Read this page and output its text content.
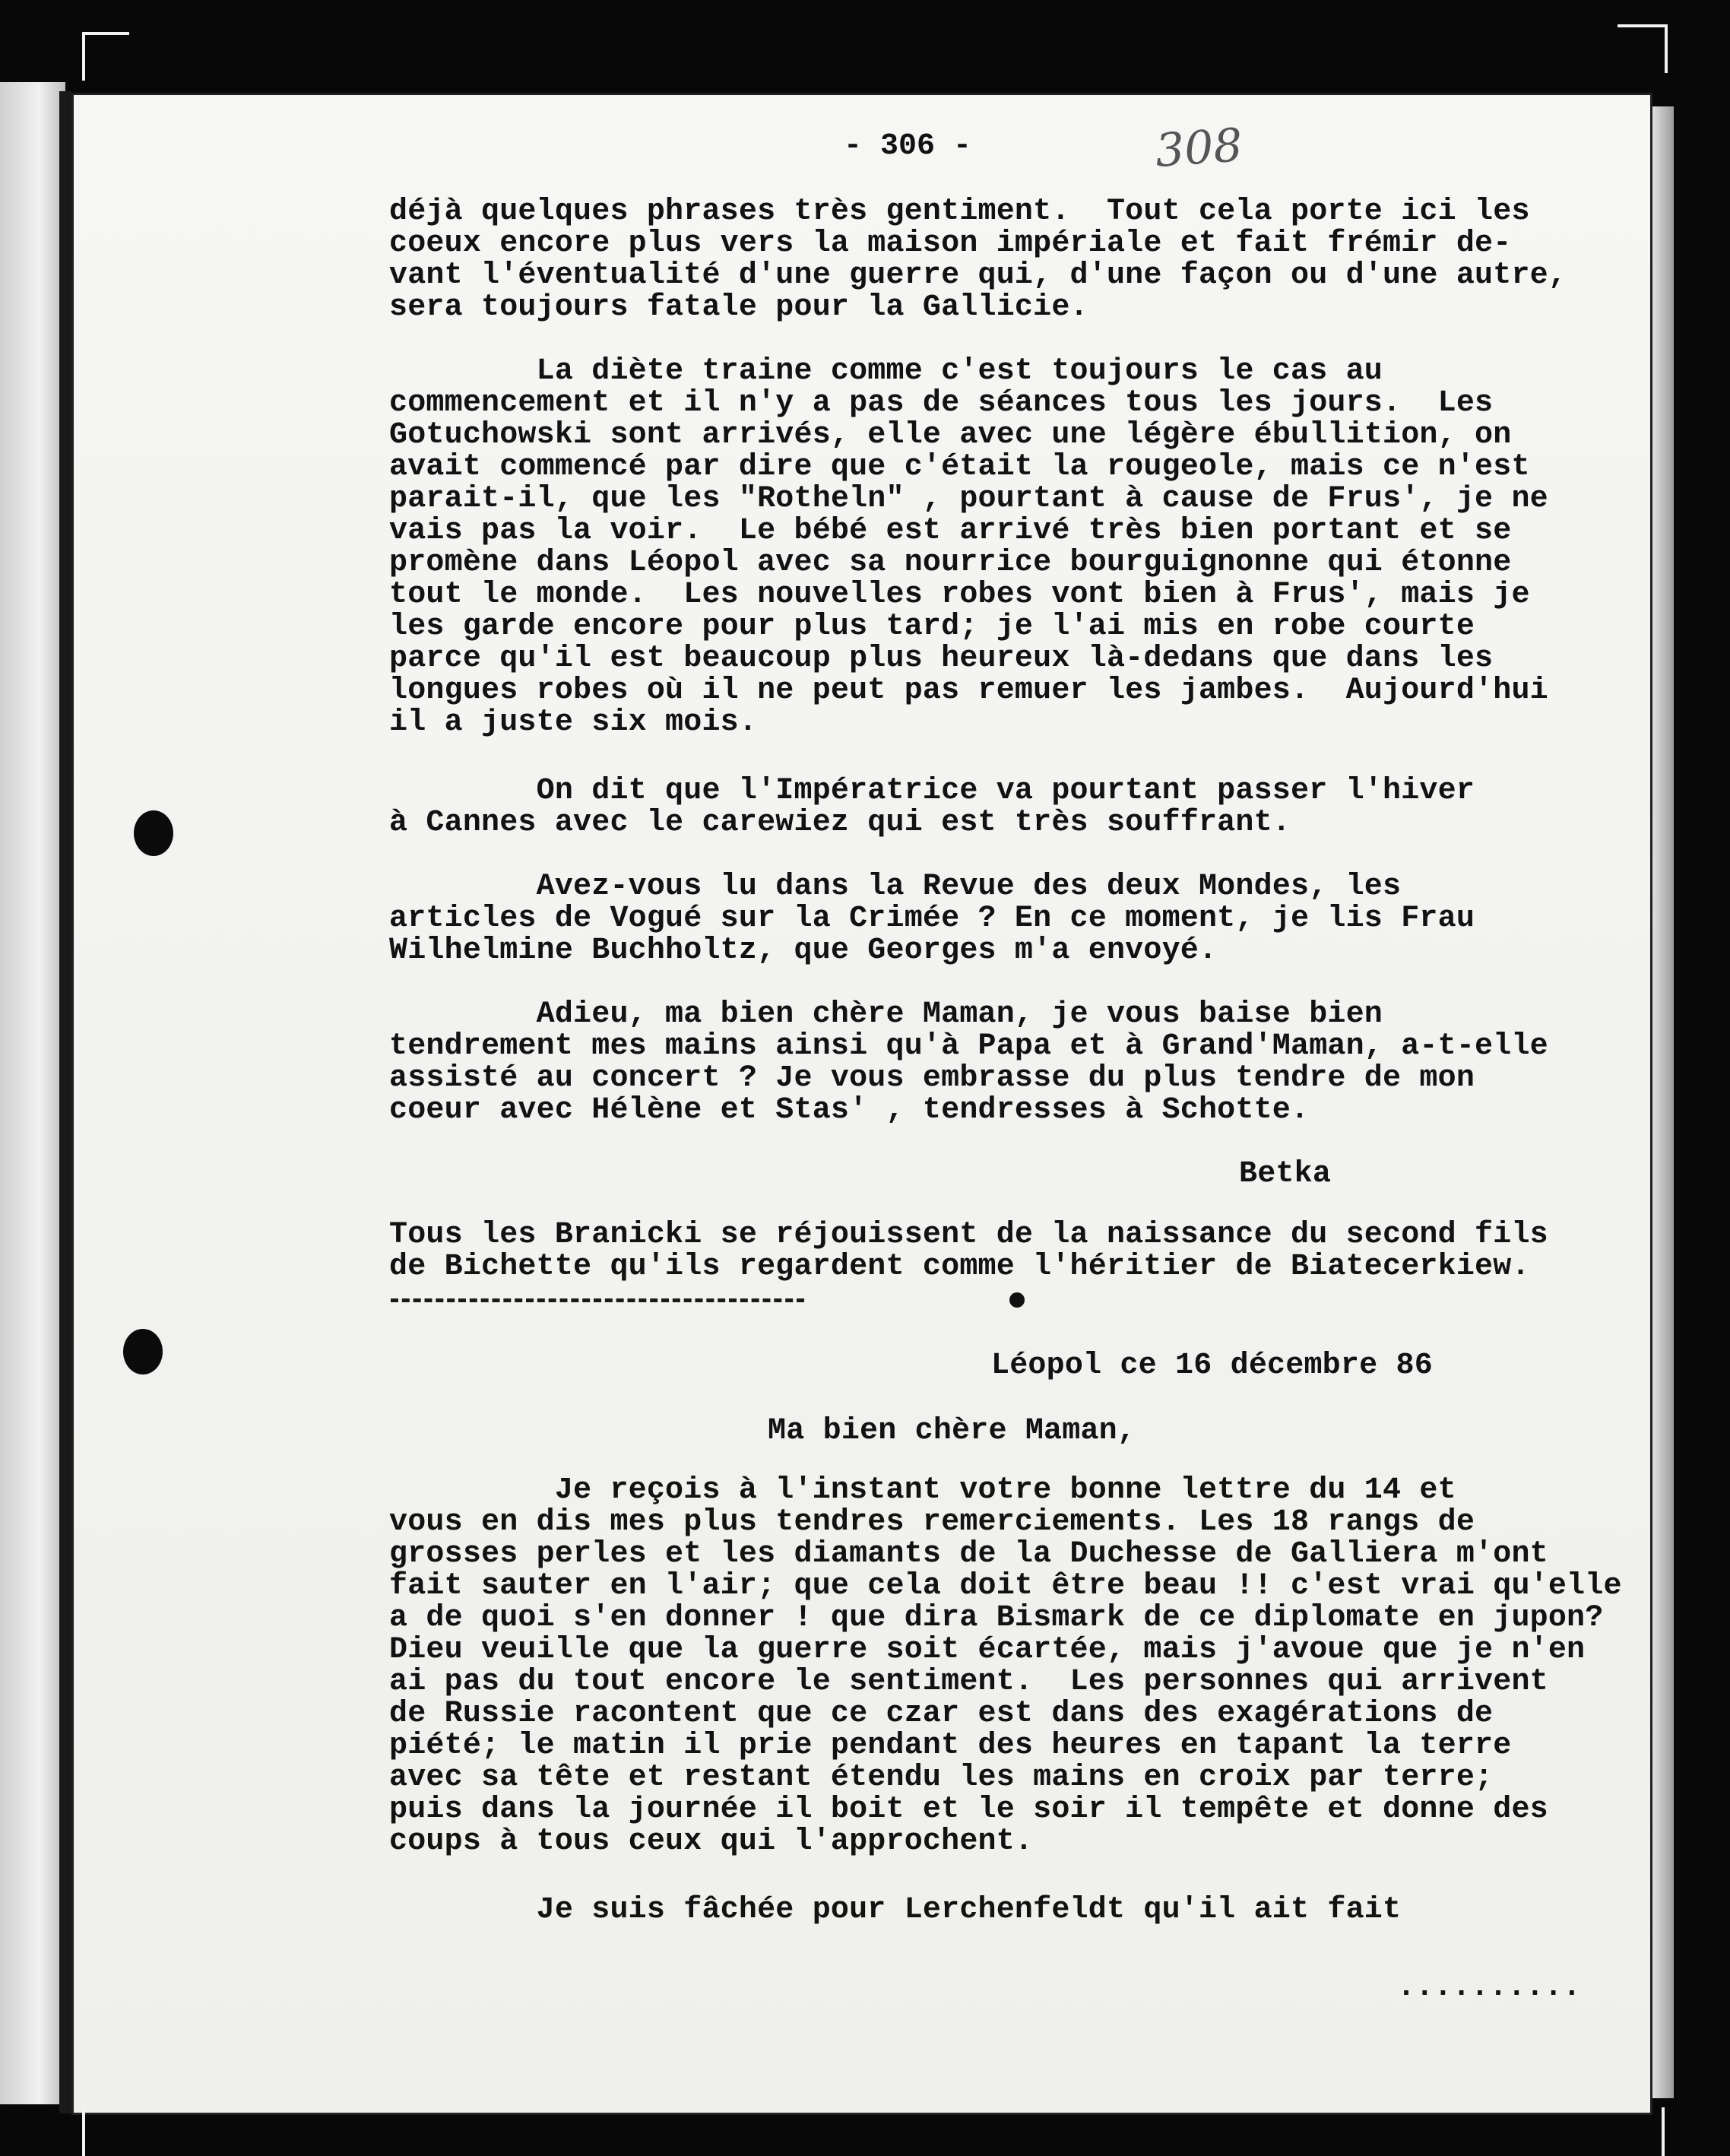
- 306 -	308
déjà quelques phrases très gentiment.  Tout cela porte ici les
coeux encore plus vers la maison impériale et fait frémir de-
vant l'éventualité d'une guerre qui, d'une façon ou d'une autre,
sera toujours fatale pour la Gallicie.
La diète traine comme c'est toujours le cas au
commencement et il n'y a pas de séances tous les jours.  Les
Gotuchowski sont arrivés, elle avec une légère ébullition, on
avait commencé par dire que c'était la rougeole, mais ce n'est
parait-il, que les "Rotheln" , pourtant à cause de Frus', je ne
vais pas la voir.  Le bébé est arrivé très bien portant et se
promène dans Léopol avec sa nourrice bourguignonne qui étonne
tout le monde.  Les nouvelles robes vont bien à Frus', mais je
les garde encore pour plus tard; je l'ai mis en robe courte
parce qu'il est beaucoup plus heureux là-dedans que dans les
longues robes où il ne peut pas remuer les jambes.  Aujourd'hui
il a juste six mois.
On dit que l'Impératrice va pourtant passer l'hiver
à Cannes avec le carewiez qui est très souffrant.
Avez-vous lu dans la Revue des deux Mondes, les
articles de Vogué sur la Crimée ? En ce moment, je lis Frau
Wilhelmine Buchholtz, que Georges m'a envoyé.
Adieu, ma bien chère Maman, je vous baise bien
tendrement mes mains ainsi qu'à Papa et à Grand'Maman, a-t-elle
assisté au concert ? Je vous embrasse du plus tendre de mon
coeur avec Hélène et Stas' , tendresses à Schotte.
Betka
Tous les Branicki se réjouissent de la naissance du second fils
de Bichette qu'ils regardent comme l'héritier de Biatecerkiew.
Léopol ce 16 décembre 86
Ma bien chère Maman,
Je reçois à l'instant votre bonne lettre du 14 et
vous en dis mes plus tendres remerciements. Les 18 rangs de
grosses perles et les diamants de la Duchesse de Galliera m'ont
fait sauter en l'air; que cela doit être beau !! c'est vrai qu'elle
a de quoi s'en donner ! que dira Bismark de ce diplomate en jupon?
Dieu veuille que la guerre soit écartée, mais j'avoue que je n'en
ai pas du tout encore le sentiment.  Les personnes qui arrivent
de Russie racontent que ce czar est dans des exagérations de
piété; le matin il prie pendant des heures en tapant la terre
avec sa tête et restant étendu les mains en croix par terre;
puis dans la journée il boit et le soir il tempête et donne des
coups à tous ceux qui l'approchent.
Je suis fâchée pour Lerchenfeldt qu'il ait fait
..........
